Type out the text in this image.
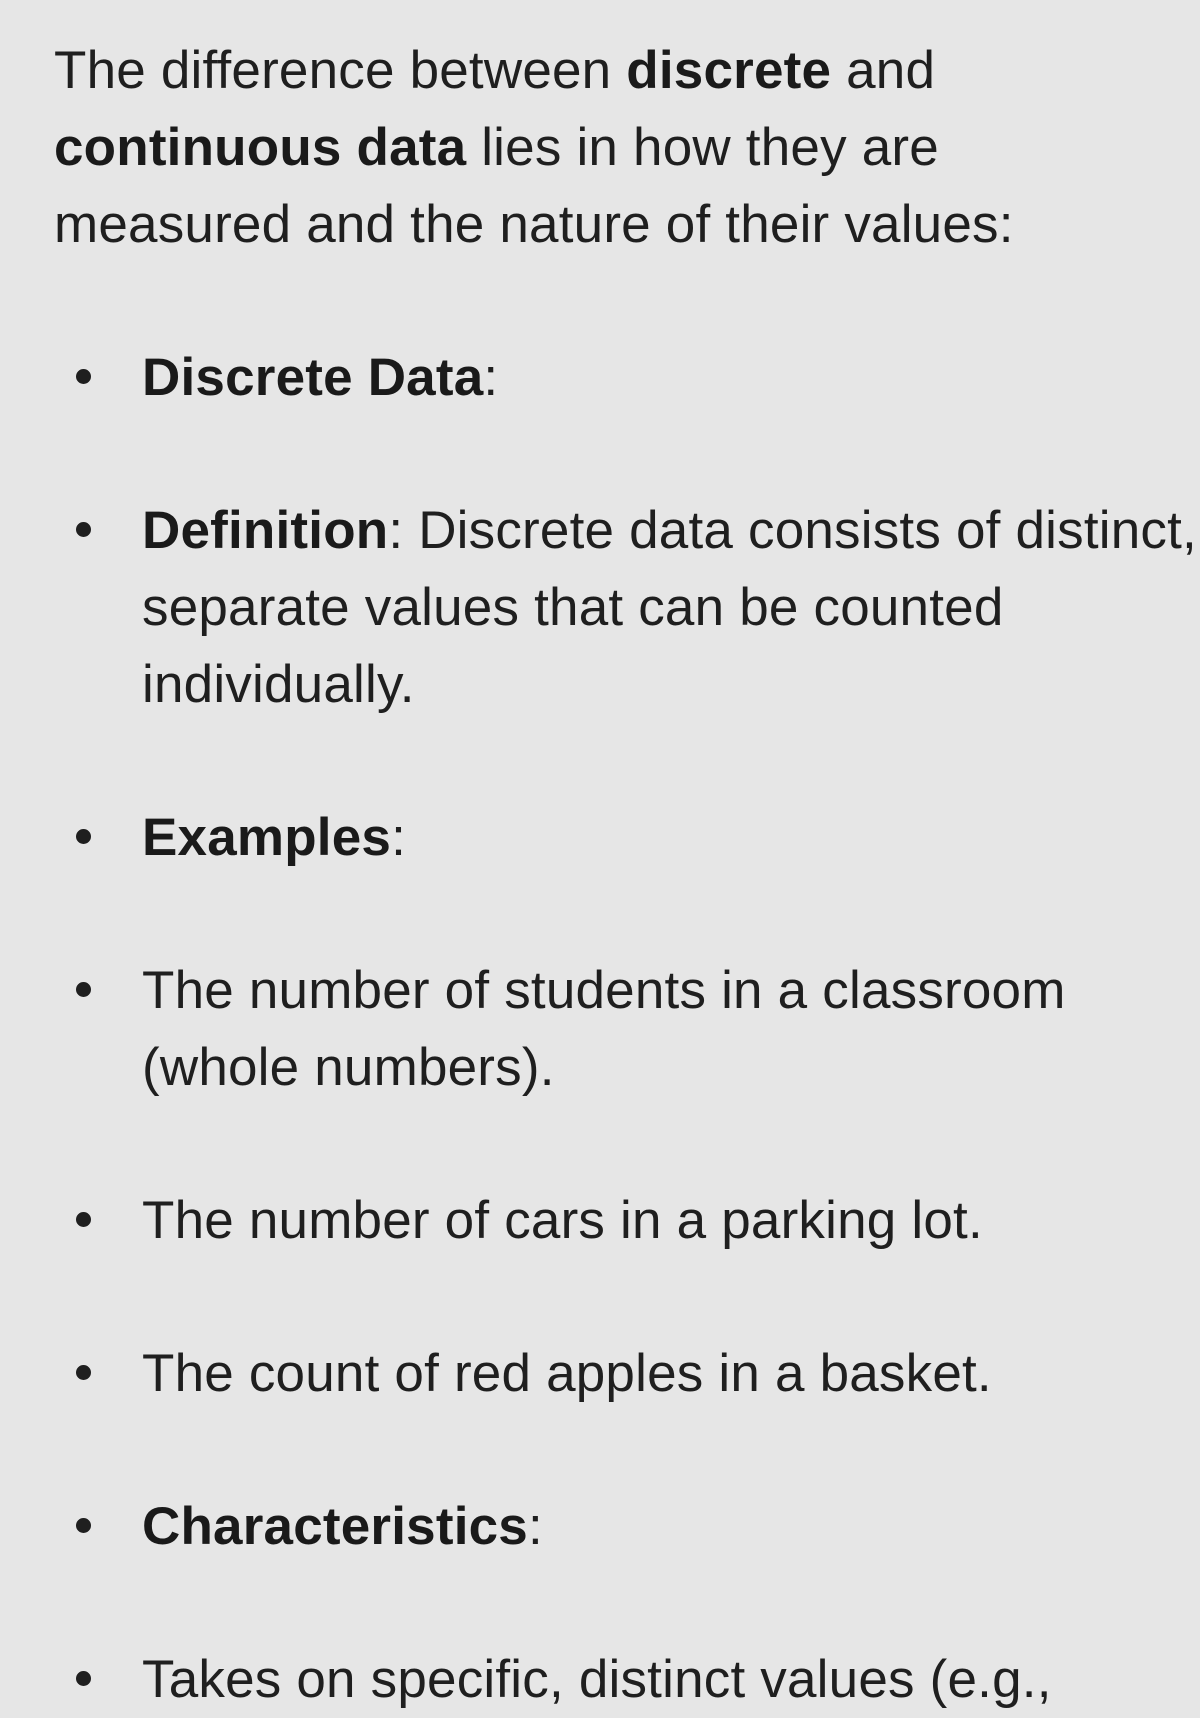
The difference between discrete and continuous data lies in how they are measured and the nature of their values:

Discrete Data:
Definition: Discrete data consists of distinct, separate values that can be counted individually.
Examples:
The number of students in a classroom (whole numbers).
The number of cars in a parking lot.
The count of red apples in a basket.
Characteristics:
Takes on specific, distinct values (e.g.,
